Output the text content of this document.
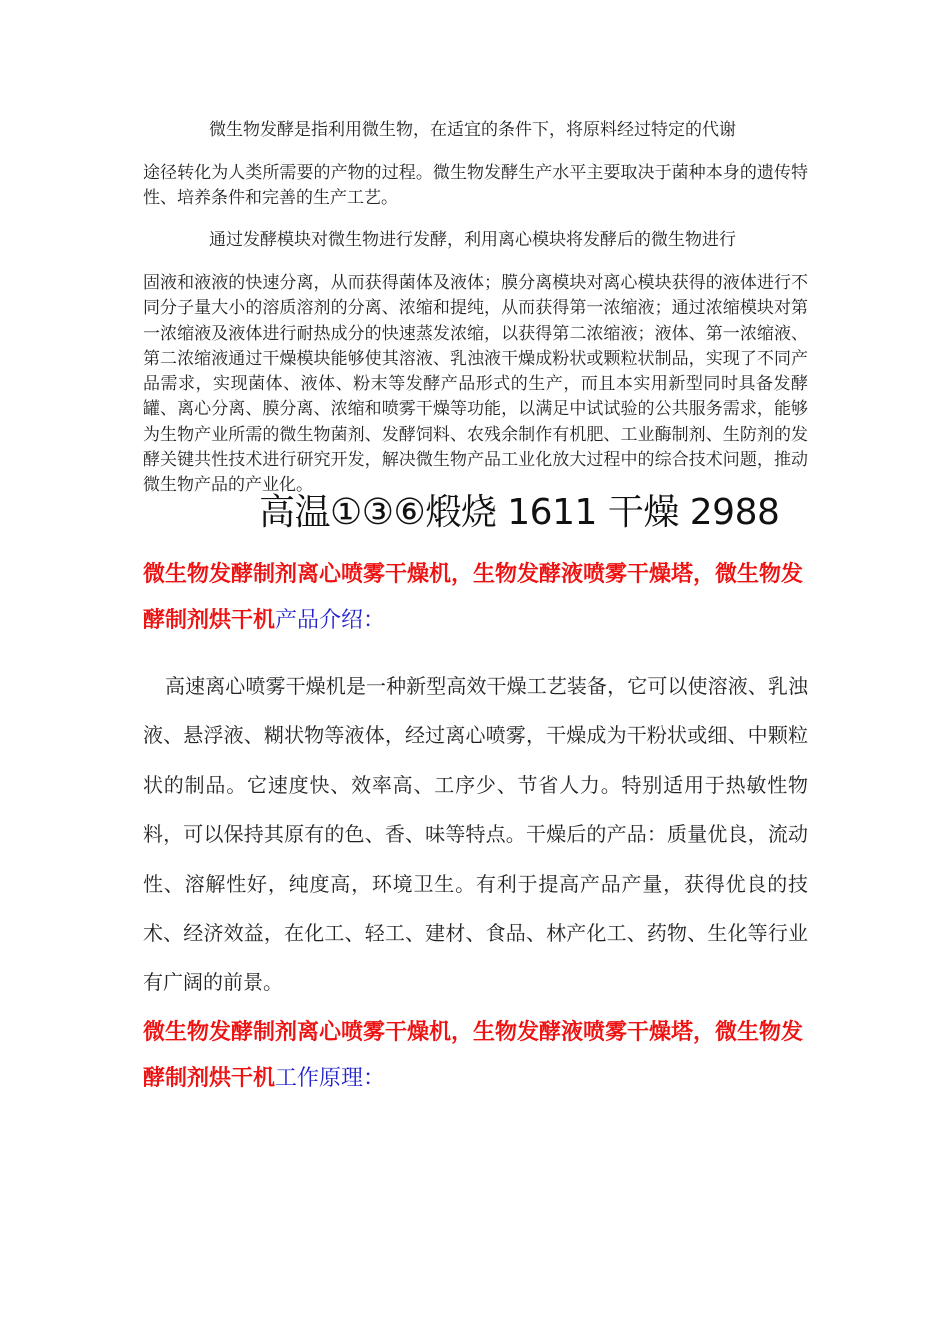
微生物发酵是指利用微生物，在适宜的条件下，将原料经过特定的代谢
途径转化为人类所需要的产物的过程。微生物发酵生产水平主要取决于菌种本身的遗传特性、培养条件和完善的生产工艺。
通过发酵模块对微生物进行发酵，利用离心模块将发酵后的微生物进行
固液和液液的快速分离，从而获得菌体及液体；膜分离模块对离心模块获得的液体进行不同分子量大小的溶质溶剂的分离、浓缩和提纯，从而获得第一浓缩液；通过浓缩模块对第一浓缩液及液体进行耐热成分的快速蒸发浓缩，以获得第二浓缩液；液体、第一浓缩液、第二浓缩液通过干燥模块能够使其溶液、乳浊液干燥成粉状或颗粒状制品，实现了不同产品需求，实现菌体、液体、粉末等发酵产品形式的生产，而且本实用新型同时具备发酵罐、离心分离、膜分离、浓缩和喷雾干燥等功能，以满足中试试验的公共服务需求，能够为生物产业所需的微生物菌剂、发酵饲料、农残余制作有机肥、工业酶制剂、生防剂的发酵关键共性技术进行研究开发，解决微生物产品工业化放大过程中的综合技术问题，推动微生物产品的产业化。
高温①③⑥煅烧 1611 干燥 2988
微生物发酵制剂离心喷雾干燥机，生物发酵液喷雾干燥塔，微生物发酵制剂烘干机产品介绍：
高速离心喷雾干燥机是一种新型高效干燥工艺装备，它可以使溶液、乳浊液、悬浮液、糊状物等液体，经过离心喷雾，干燥成为干粉状或细、中颗粒状的制品。它速度快、效率高、工序少、节省人力。特别适用于热敏性物料，可以保持其原有的色、香、味等特点。干燥后的产品：质量优良，流动性、溶解性好，纯度高，环境卫生。有利于提高产品产量，获得优良的技术、经济效益，在化工、轻工、建材、食品、林产化工、药物、生化等行业有广阔的前景。
微生物发酵制剂离心喷雾干燥机，生物发酵液喷雾干燥塔，微生物发酵制剂烘干机工作原理：
